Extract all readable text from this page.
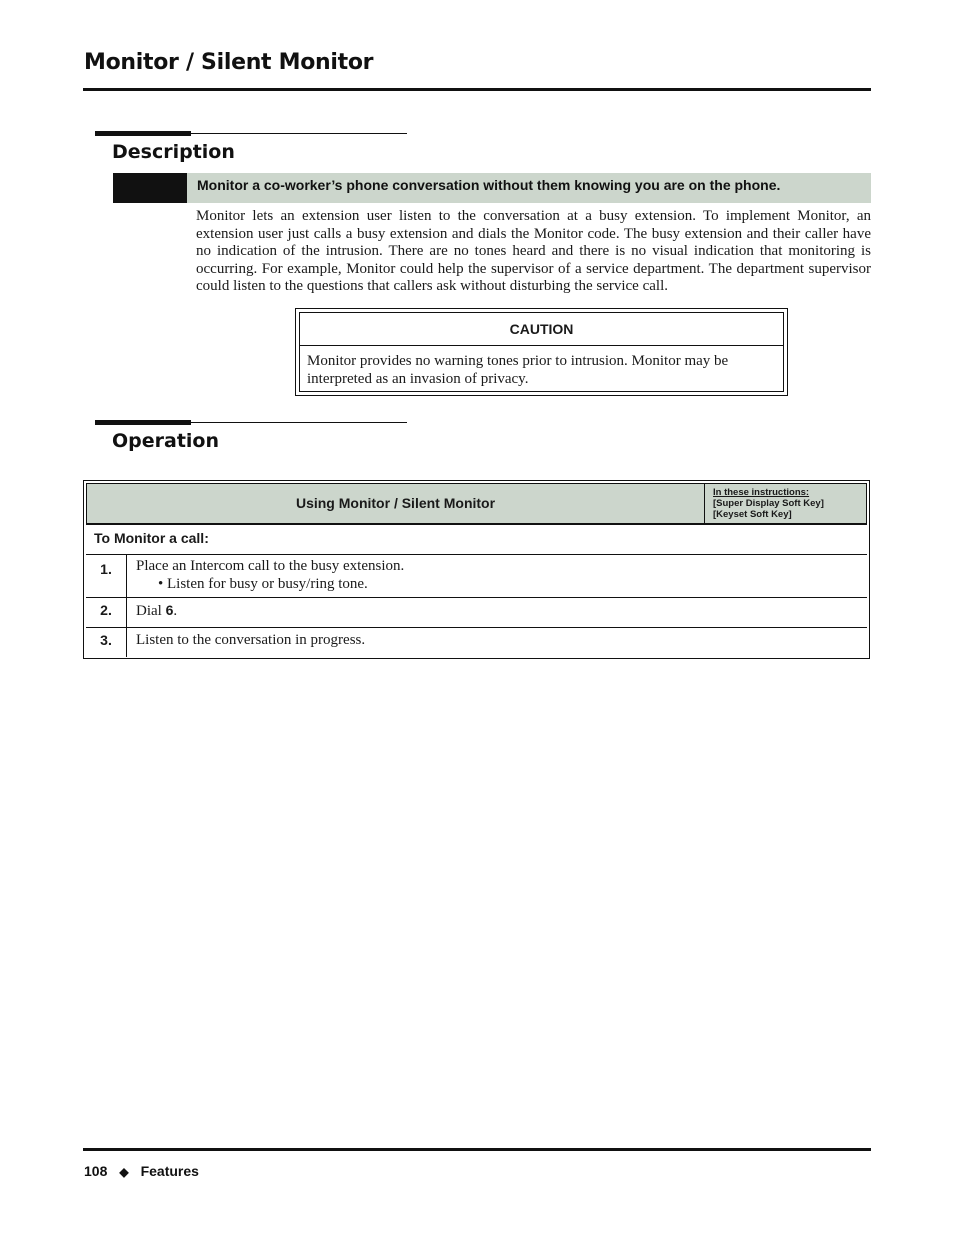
Monitor / Silent Monitor
Description
Monitor a co-worker’s phone conversation without them knowing you are on the phone.
Monitor lets an extension user listen to the conversation at a busy extension. To implement Monitor, an extension user just calls a busy extension and dials the Monitor code. The busy extension and their caller have no indication of the intrusion. There are no tones heard and there is no visual indication that monitoring is occurring. For example, Monitor could help the supervisor of a service department. The department supervisor could listen to the questions that callers ask without disturbing the service call.
CAUTION
Monitor provides no warning tones prior to intrusion. Monitor may be interpreted as an invasion of privacy.
Operation
Using Monitor / Silent Monitor
In these instructions:
[Super Display Soft Key]
[Keyset Soft Key]
To Monitor a call:
1.	Place an Intercom call to the busy extension.
• Listen for busy or busy/ring tone.
2.	Dial 6.
3.	Listen to the conversation in progress.
108 ◆ Features
